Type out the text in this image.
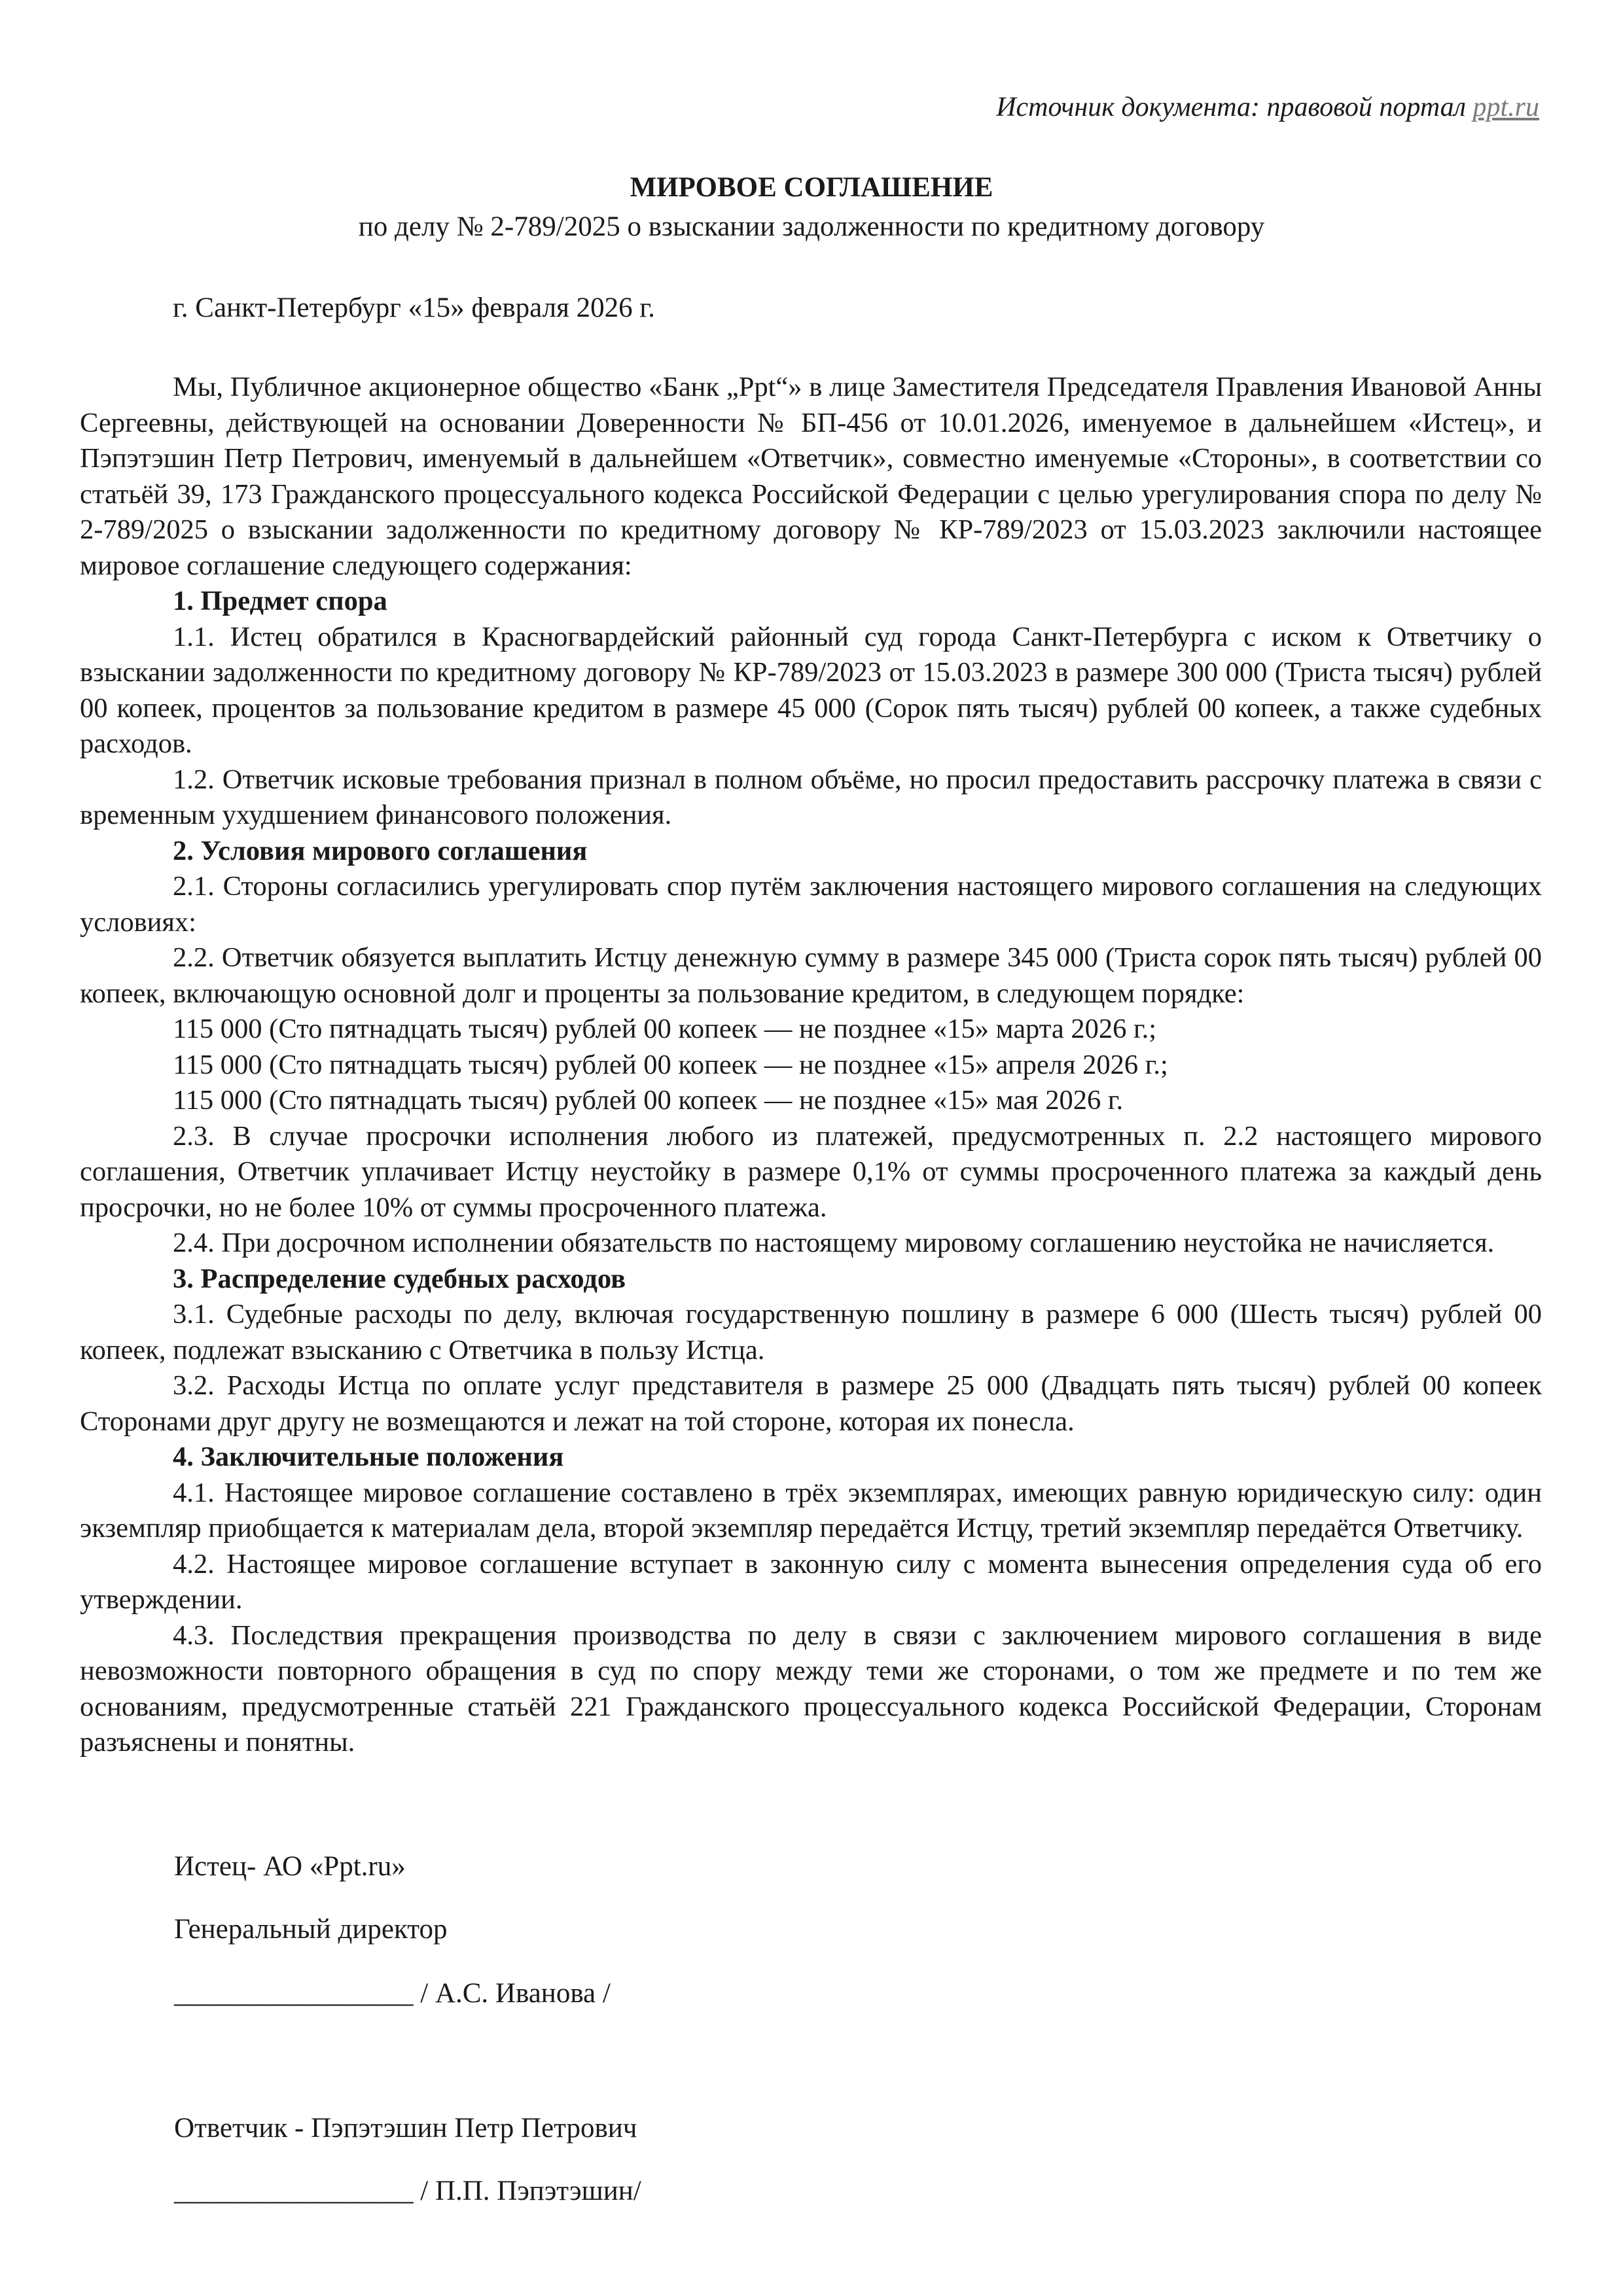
Источник документа: правовой портал ppt.ru

МИРОВОЕ СОГЛАШЕНИЕ

по делу № 2-789/2025 о взыскании задолженности по кредитному договору

г. Санкт-Петербург «15» февраля 2026 г.

Мы, Публичное акционерное общество «Банк „Ppt“» в лице Заместителя Председателя Правления Ивановой Анны Сергеевны, действующей на основании Доверенности № БП-456 от 10.01.2026, именуемое в дальнейшем «Истец», и Пэпэтэшин Петр Петрович, именуемый в дальнейшем «Ответчик», совместно именуемые «Стороны», в соответствии со статьёй 39, 173 Гражданского процессуального кодекса Российской Федерации с целью урегулирования спора по делу № 2-789/2025 о взыскании задолженности по кредитному договору № КР-789/2023 от 15.03.2023 заключили настоящее мировое соглашение следующего содержания:

1. Предмет спора

1.1. Истец обратился в Красногвардейский районный суд города Санкт-Петербурга с иском к Ответчику о взыскании задолженности по кредитному договору № КР-789/2023 от 15.03.2023 в размере 300 000 (Триста тысяч) рублей 00 копеек, процентов за пользование кредитом в размере 45 000 (Сорок пять тысяч) рублей 00 копеек, а также судебных расходов.

1.2. Ответчик исковые требования признал в полном объёме, но просил предоставить рассрочку платежа в связи с временным ухудшением финансового положения.

2. Условия мирового соглашения

2.1. Стороны согласились урегулировать спор путём заключения настоящего мирового соглашения на следующих условиях:

2.2. Ответчик обязуется выплатить Истцу денежную сумму в размере 345 000 (Триста сорок пять тысяч) рублей 00 копеек, включающую основной долг и проценты за пользование кредитом, в следующем порядке:

115 000 (Сто пятнадцать тысяч) рублей 00 копеек — не позднее «15» марта 2026 г.;

115 000 (Сто пятнадцать тысяч) рублей 00 копеек — не позднее «15» апреля 2026 г.;

115 000 (Сто пятнадцать тысяч) рублей 00 копеек — не позднее «15» мая 2026 г.

2.3. В случае просрочки исполнения любого из платежей, предусмотренных п. 2.2 настоящего мирового соглашения, Ответчик уплачивает Истцу неустойку в размере 0,1% от суммы просроченного платежа за каждый день просрочки, но не более 10% от суммы просроченного платежа.

2.4. При досрочном исполнении обязательств по настоящему мировому соглашению неустойка не начисляется.

3. Распределение судебных расходов

3.1. Судебные расходы по делу, включая государственную пошлину в размере 6 000 (Шесть тысяч) рублей 00 копеек, подлежат взысканию с Ответчика в пользу Истца.

3.2. Расходы Истца по оплате услуг представителя в размере 25 000 (Двадцать пять тысяч) рублей 00 копеек Сторонами друг другу не возмещаются и лежат на той стороне, которая их понесла.

4. Заключительные положения

4.1. Настоящее мировое соглашение составлено в трёх экземплярах, имеющих равную юридическую силу: один экземпляр приобщается к материалам дела, второй экземпляр передаётся Истцу, третий экземпляр передаётся Ответчику.

4.2. Настоящее мировое соглашение вступает в законную силу с момента вынесения определения суда об его утверждении.

4.3. Последствия прекращения производства по делу в связи с заключением мирового соглашения в виде невозможности повторного обращения в суд по спору между теми же сторонами, о том же предмете и по тем же основаниям, предусмотренные статьёй 221 Гражданского процессуального кодекса Российской Федерации, Сторонам разъяснены и понятны.

Истец- АО «Ppt.ru»

Генеральный директор

_________________ / А.С. Иванова /

Ответчик - Пэпэтэшин Петр Петрович

_________________ / П.П. Пэпэтэшин/
